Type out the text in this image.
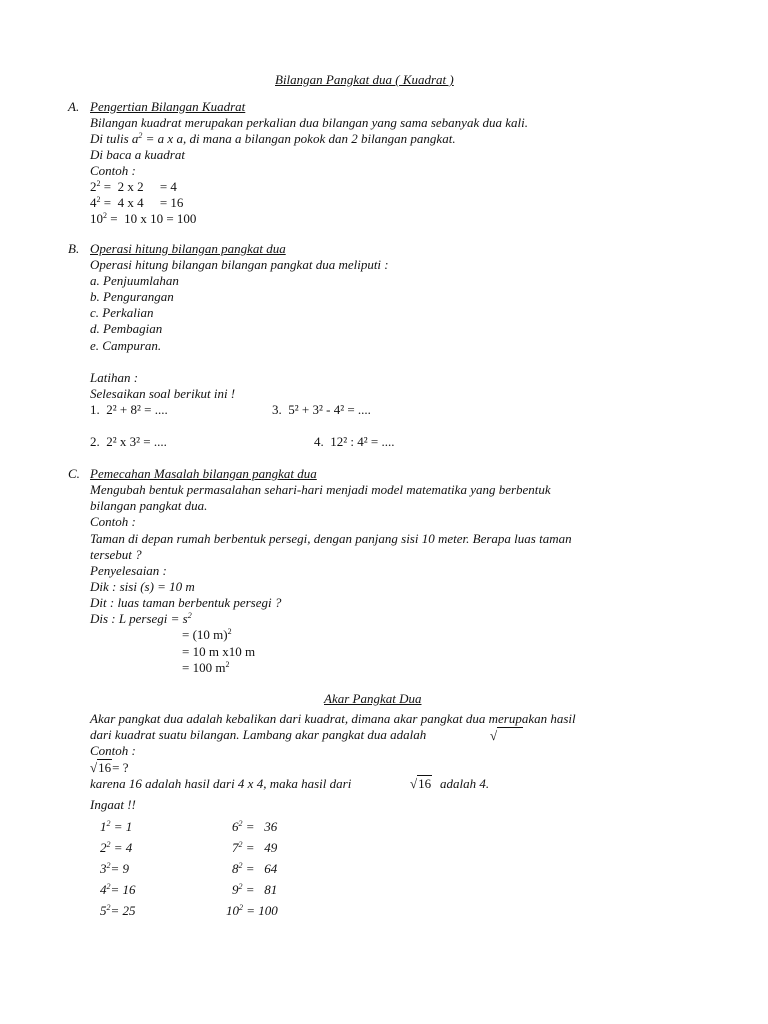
Bilangan Pangkat dua ( Kuadrat )
A. Pengertian Bilangan Kuadrat
Bilangan kuadrat merupakan perkalian dua bilangan yang sama sebanyak dua kali.
Di tulis $a^2 = a$ x a, di mana a bilangan pokok dan 2 bilangan pangkat.
Di baca a kuadrat
Contoh :
$2^2 = 2$ x 2     = 4
$4^2 = 4$ x 4     = 16
$10^2 = 10$ x 10 = 100
B. Operasi hitung bilangan pangkat dua
Operasi hitung bilangan bilangan pangkat dua meliputi :
a. Penjuumlahan
b. Pengurangan
c. Perkalian
d. Pembagian
e. Campuran.
Latihan :
Selesaikan soal berikut ini !
1.  2² + 8² = ....	3.  5² + 3² - 4² = ....
2.  2² x 3² = ....	4.  12² : 4² = ....
C. Pemecahan Masalah bilangan pangkat dua
Mengubah bentuk permasalahan sehari-hari menjadi model matematika yang berbentuk
bilangan pangkat dua.
Contoh :
Taman di depan rumah berbentuk persegi, dengan panjang sisi 10 meter. Berapa luas taman
tersebut ?
Penyelesaian :
Dik : sisi (s) = 10 m
Dit : luas taman berbentuk persegi ?
Dis : L persegi = $s^2$
= (10 m)$^2$
= 10 m x10 m
= 100 $m^2$
Akar Pangkat Dua
Akar pangkat dua adalah kebalikan dari kuadrat, dimana akar pangkat dua merupakan hasil
dari kuadrat suatu bilangan. Lambang akar pangkat dua adalah	√
Contoh :
√16= ?
karena 16 adalah hasil dari 4 x 4, maka hasil dari	√16 adalah 4.
Ingaat !!
$1^2 = 1$	$6^2 = 36$
$2^2 = 4$	$7^2 = 49$
$3^2= 9$	$8^2 = 64$
$4^2= 16$	$9^2 = 81$
$5^2= 25$	$10^2 = 100$
